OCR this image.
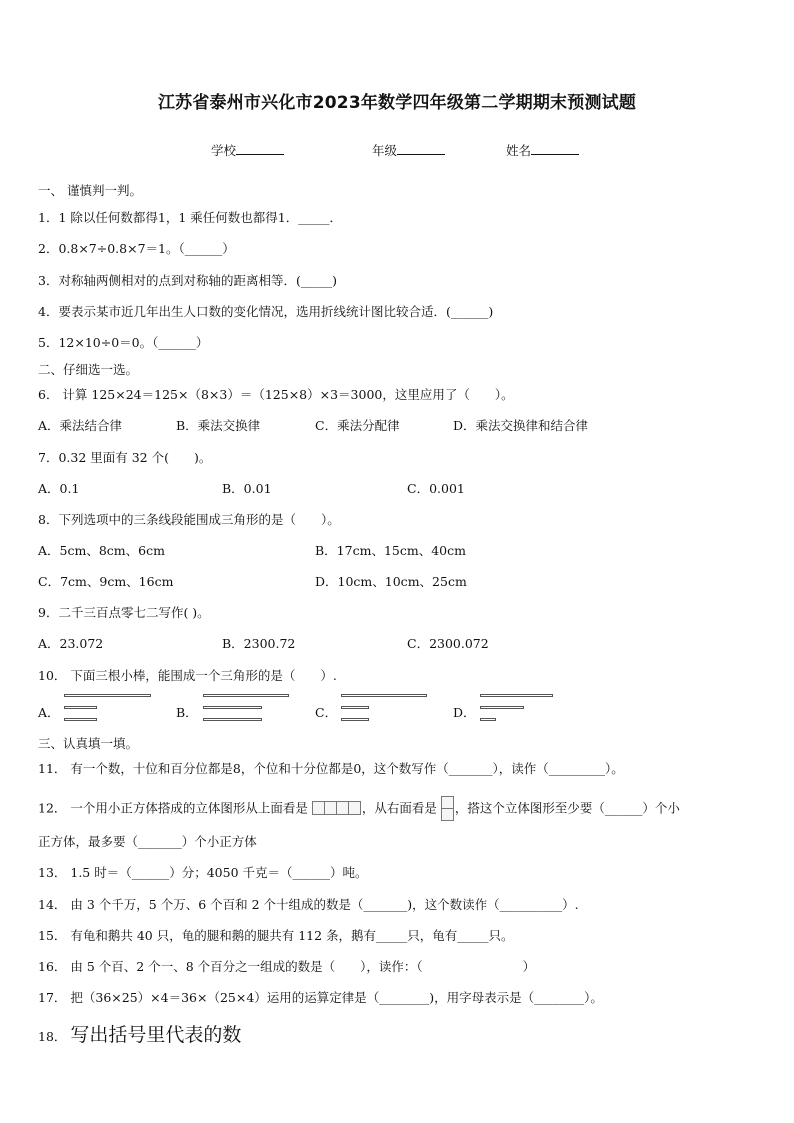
江苏省泰州市兴化市2023年数学四年级第二学期期末预测试题
学校	年级	姓名
一、 谨慎判一判。
1．1 除以任何数都得1，1 乘任何数也都得1．_____．
2．0.8×7÷0.8×7＝1。（______）
3．对称轴两侧相对的点到对称轴的距离相等．(_____)
4．要表示某市近几年出生人口数的变化情况，选用折线统计图比较合适．(______)
5．12×10÷0＝0。（______）
二、仔细选一选。
6． 计算 125×24＝125×（8×3）＝（125×8）×3＝3000，这里应用了（　　）。
A．乘法结合律	B．乘法交换律	C．乘法分配律	D．乘法交换律和结合律
7．0.32 里面有 32 个(　　)。
A．0.1	B．0.01	C．0.001
8．下列选项中的三条线段能围成三角形的是（　　）。
A．5cm、8cm、6cm	B．17cm、15cm、40cm
C．7cm、9cm、16cm	D．10cm、10cm、25cm
9．二千三百点零七二写作( )。
A．23.072	B．2300.72	C．2300.072
10． 下面三根小棒，能围成一个三角形的是（　　）.
A．	B．	C．	D．
三、认真填一填。
11． 有一个数，十位和百分位都是8，个位和十分位都是0，这个数写作（_______），读作（_________）。
12． 一个用小正方体搭成的立体图形从上面看是	，从右面看是 ，搭这个立体图形至少要（______）个小
正方体，最多要（_______）个小正方体
13． 1.5 时＝（______）分；4050 千克＝（______）吨。
14． 由 3 个千万，5 个万、6 个百和 2 个十组成的数是（_______)，这个数读作（__________）.
15． 有龟和鹅共 40 只，龟的腿和鹅的腿共有 112 条，鹅有_____只，龟有_____只。
16． 由 5 个百、2 个一、8 个百分之一组成的数是（　　），读作：（　　　　　　　　）
17． 把（36×25）×4＝36×（25×4）运用的运算定律是（________)，用字母表示是（________）。
18． 写出括号里代表的数
